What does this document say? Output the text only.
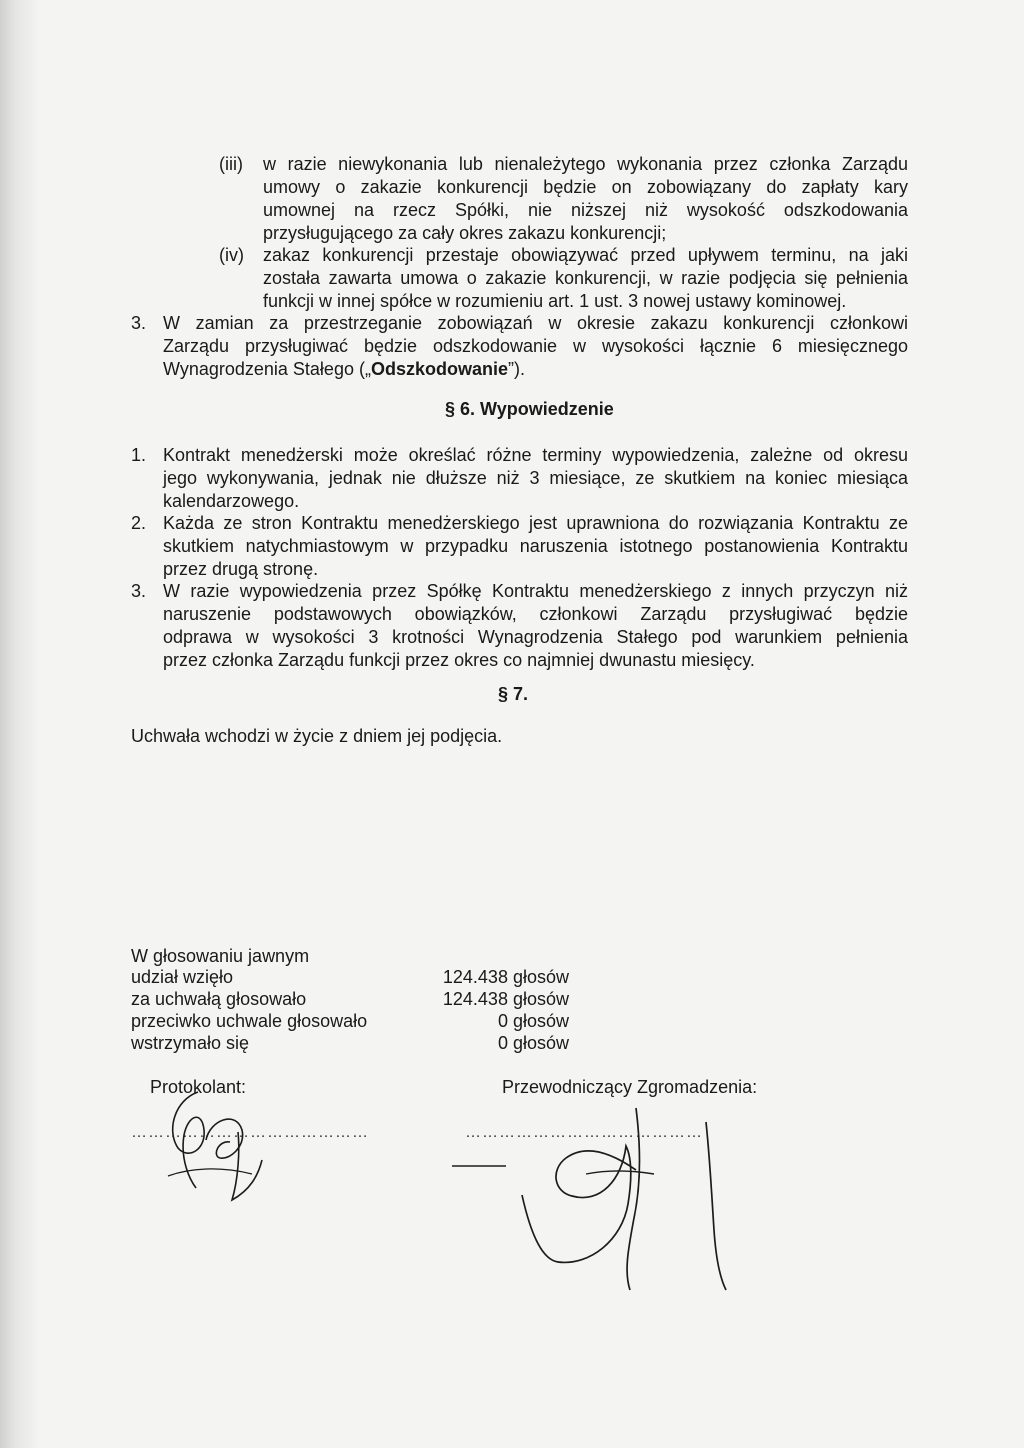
(iii) w razie niewykonania lub nienależytego wykonania przez członka Zarządu

umowy o zakazie konkurencji będzie on zobowiązany do zapłaty kary

umownej na rzecz Spółki, nie niższej niż wysokość odszkodowania

przysługującego za cały okres zakazu konkurencji;

(iv) zakaz konkurencji przestaje obowiązywać przed upływem terminu, na jaki

została zawarta umowa o zakazie konkurencji, w razie podjęcia się pełnienia

funkcji w innej spółce w rozumieniu art. 1 ust. 3 nowej ustawy kominowej.

3. W zamian za przestrzeganie zobowiązań w okresie zakazu konkurencji członkowi

Zarządu przysługiwać będzie odszkodowanie w wysokości łącznie 6 miesięcznego

Wynagrodzenia Stałego („Odszkodowanie”).

§ 6. Wypowiedzenie
1. Kontrakt menedżerski może określać różne terminy wypowiedzenia, zależne od okresu

jego wykonywania, jednak nie dłuższe niż 3 miesiące, ze skutkiem na koniec miesiąca

kalendarzowego.

2. Każda ze stron Kontraktu menedżerskiego jest uprawniona do rozwiązania Kontraktu ze

skutkiem natychmiastowym w przypadku naruszenia istotnego postanowienia Kontraktu

przez drugą stronę.

3. W razie wypowiedzenia przez Spółkę Kontraktu menedżerskiego z innych przyczyn niż

naruszenie podstawowych obowiązków, członkowi Zarządu przysługiwać będzie

odprawa w wysokości 3 krotności Wynagrodzenia Stałego pod warunkiem pełnienia

przez członka Zarządu funkcji przez okres co najmniej dwunastu miesięcy.

§ 7.

Uchwała wchodzi w życie z dniem jej podjęcia.

W głosowaniu jawnym
udział wzięło	124.438 głosów
za uchwałą głosowało	124.438 głosów
przeciwko uchwale głosowało	0 głosów
wstrzymało się	0 głosów
Protokolant:	Przewodniczący Zgromadzenia:
……………………………………	……………………………………
